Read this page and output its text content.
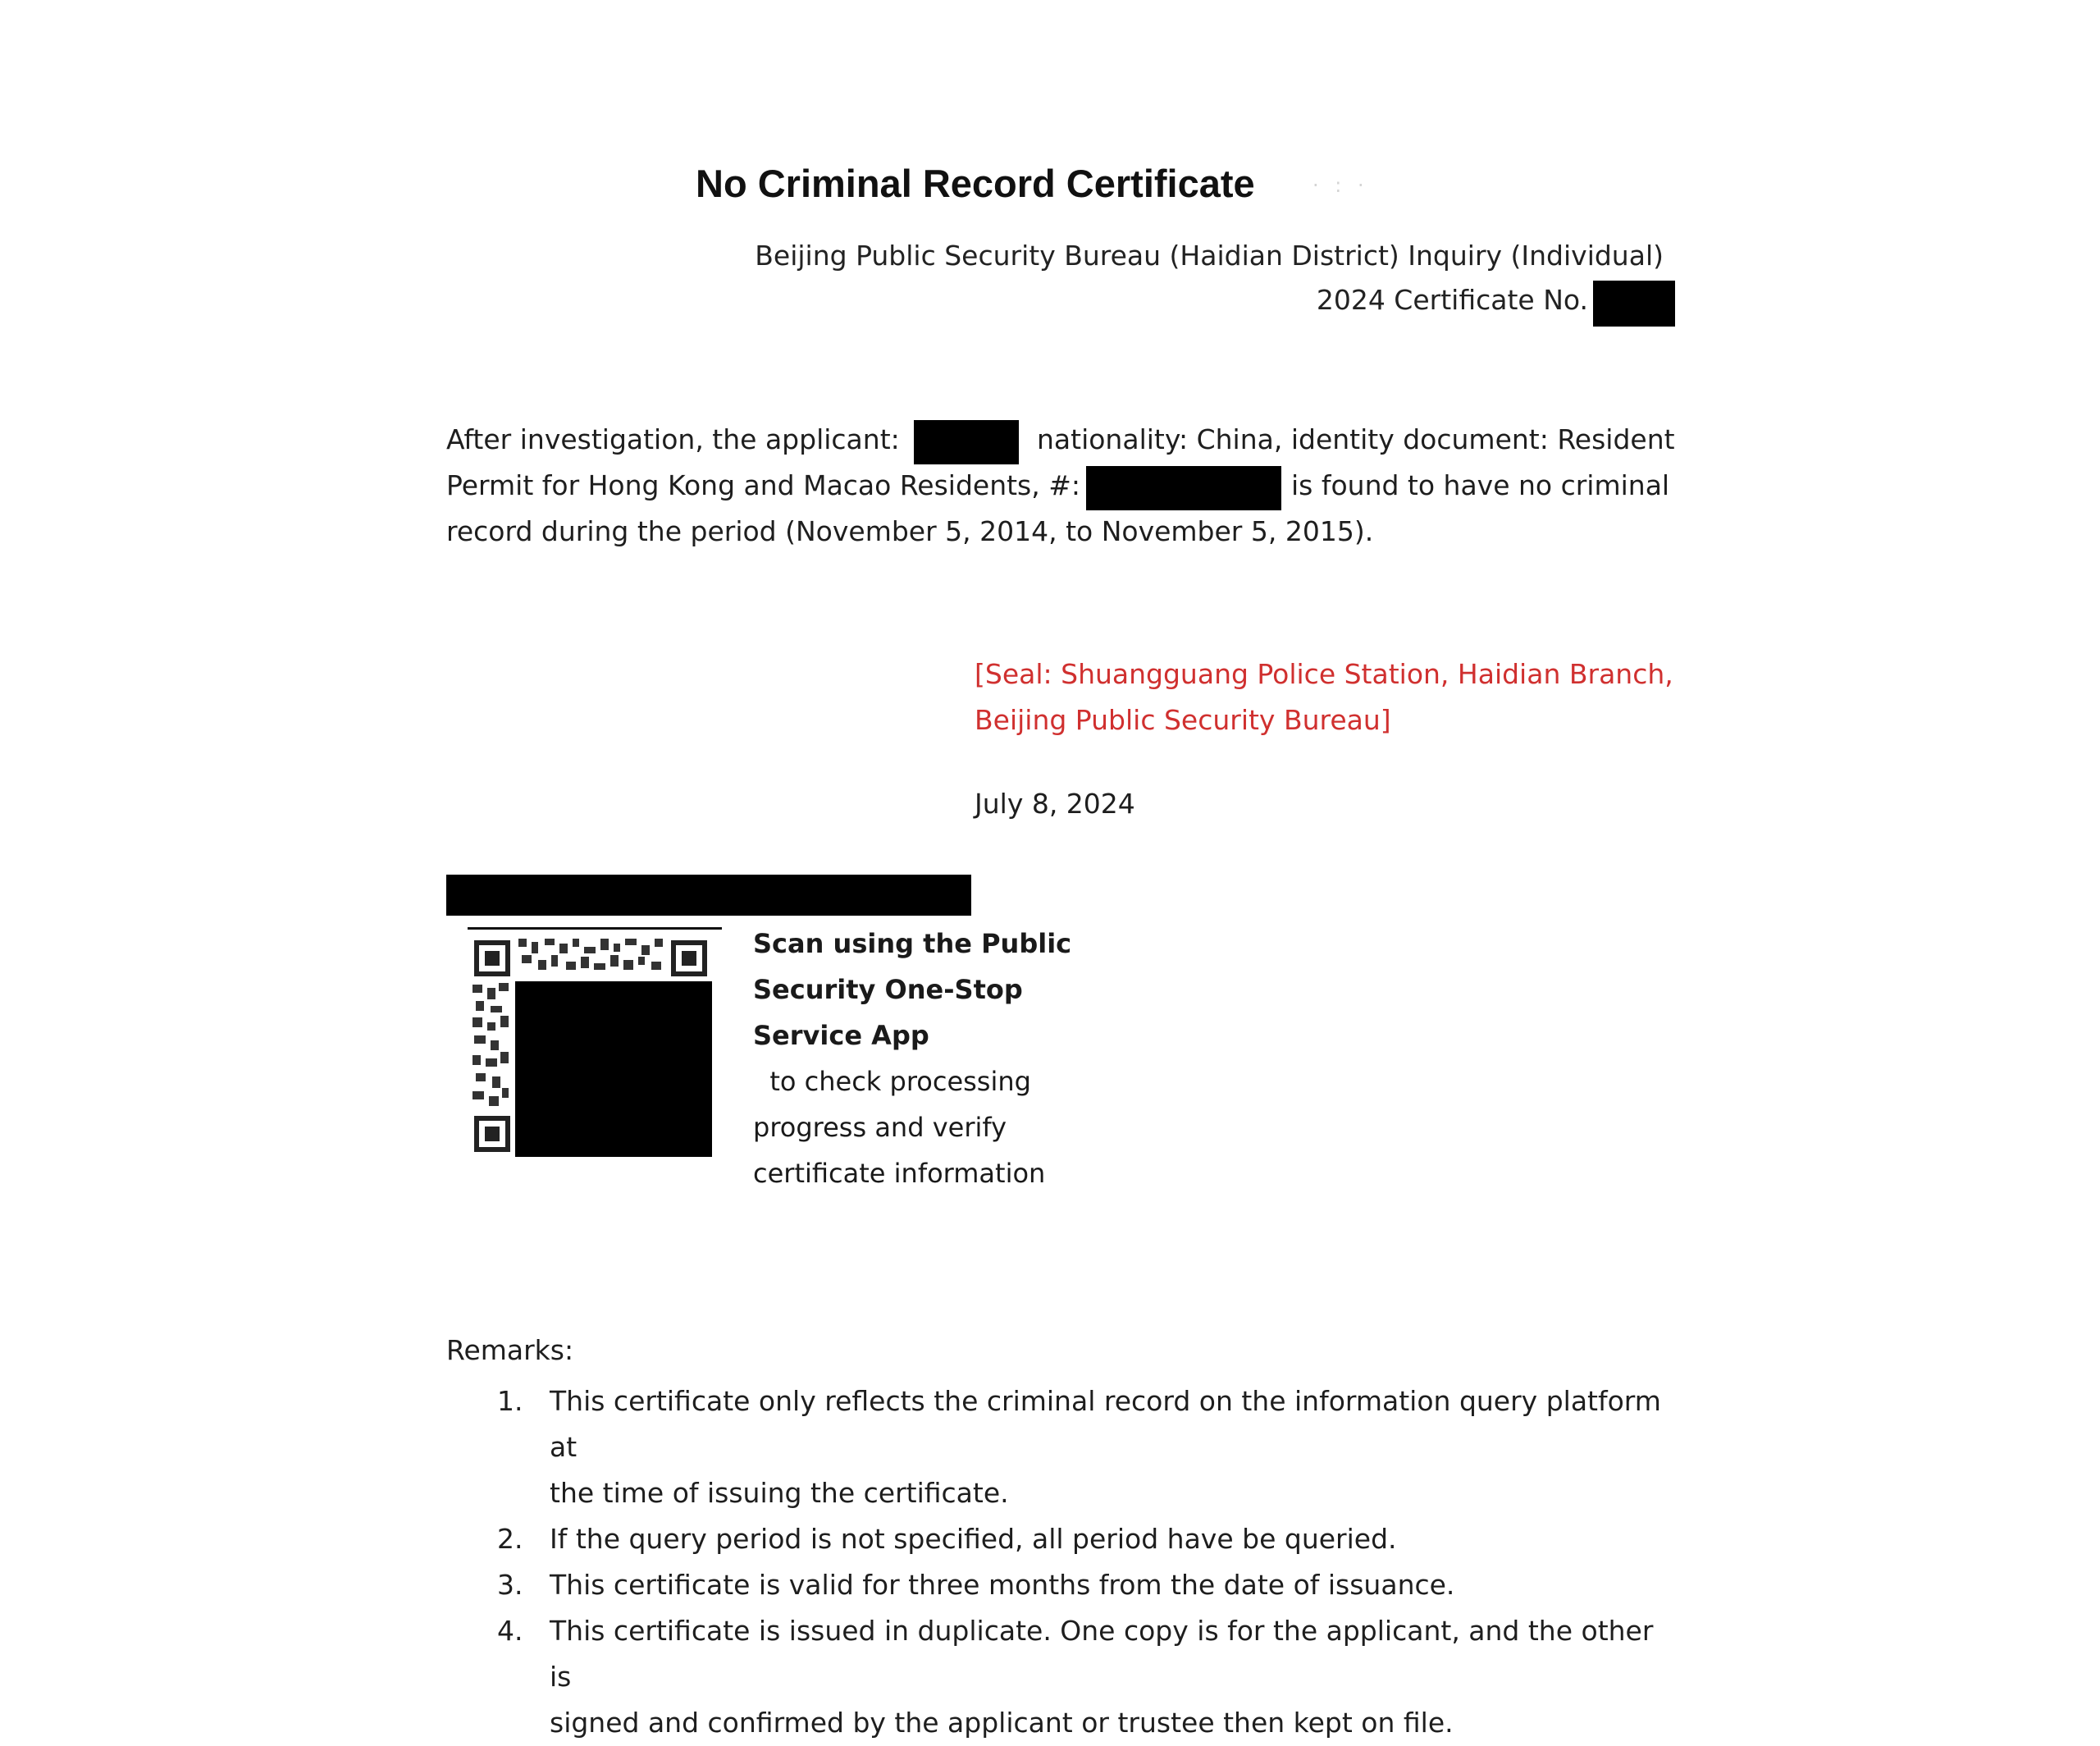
No Criminal Record Certificate	· : ·
Beijing Public Security Bureau (Haidian District) Inquiry (Individual)
2024 Certificate No.
After investigation, the applicant:	nationality: China, identity document: Resident
Permit for Hong Kong and Macao Residents, #:	is found to have no criminal
record during the period (November 5, 2014, to November 5, 2015).
[Seal: Shuangguang Police Station, Haidian Branch,
Beijing Public Security Bureau]
July 8, 2024
Scan using the Public
Security One-Stop
Service App
to check processing
progress and verify
certificate information
Remarks:
1. This certificate only reflects the criminal record on the information query platform at
the time of issuing the certificate.
2. If the query period is not specified, all period have be queried.
3. This certificate is valid for three months from the date of issuance.
4. This certificate is issued in duplicate. One copy is for the applicant, and the other is
signed and confirmed by the applicant or trustee then kept on file.
